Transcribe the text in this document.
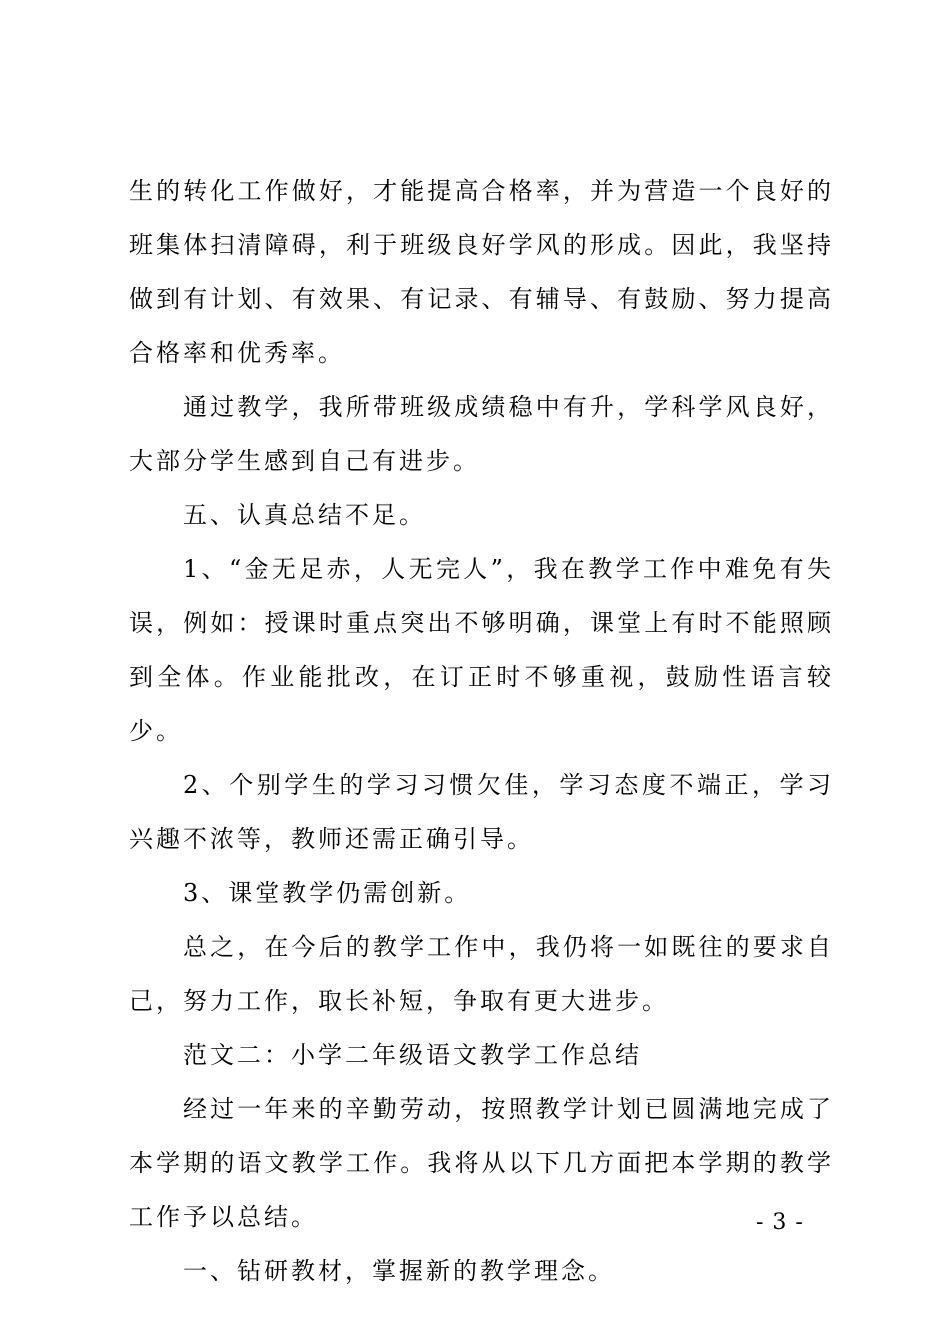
生的转化工作做好，才能提高合格率，并为营造一个良好的班集体扫清障碍，利于班级良好学风的形成。因此，我坚持做到有计划、有效果、有记录、有辅导、有鼓励、努力提高合格率和优秀率。

通过教学，我所带班级成绩稳中有升，学科学风良好，大部分学生感到自己有进步。

五、认真总结不足。

1、“金无足赤，人无完人”，我在教学工作中难免有失误，例如：授课时重点突出不够明确，课堂上有时不能照顾到全体。作业能批改，在订正时不够重视，鼓励性语言较少。

2、个别学生的学习习惯欠佳，学习态度不端正，学习兴趣不浓等，教师还需正确引导。

3、课堂教学仍需创新。

总之，在今后的教学工作中，我仍将一如既往的要求自己，努力工作，取长补短，争取有更大进步。

范文二：小学二年级语文教学工作总结

经过一年来的辛勤劳动，按照教学计划已圆满地完成了本学期的语文教学工作。我将从以下几方面把本学期的教学工作予以总结。

一、钻研教材，掌握新的教学理念。

- 3 -
